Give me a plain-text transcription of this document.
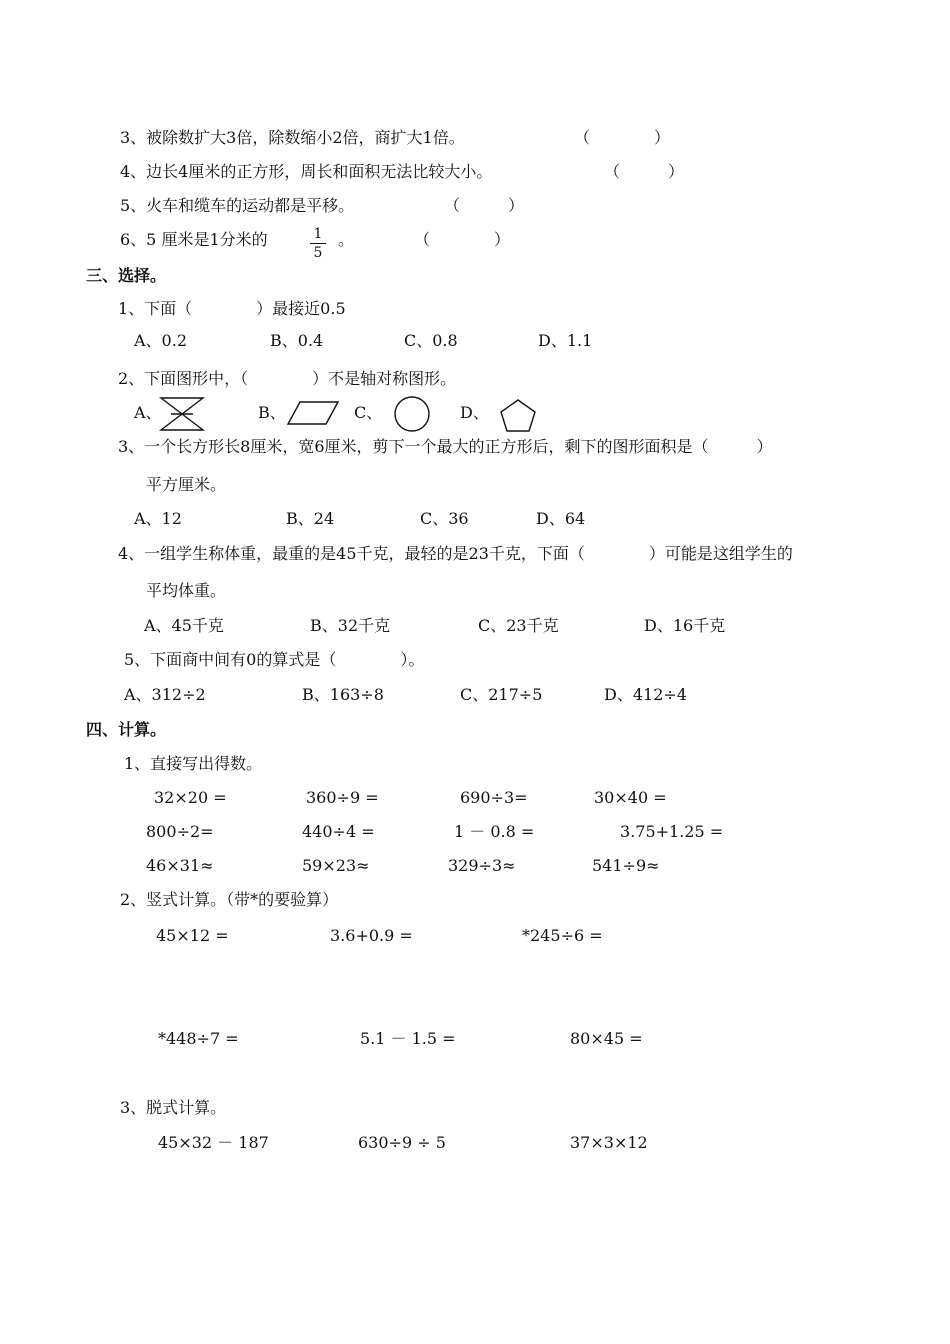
3、被除数扩大3倍，除数缩小2倍，商扩大1倍。	（　　　　）
4、边长4厘米的正方形，周长和面积无法比较大小。	（　　　）
5、火车和缆车的运动都是平移。	（　　　）
6、5 厘米是1分米的	$\frac{1}{5}$ 。	（　　　　）
三、选择。
1、下面（　　　　）最接近0.5
A、0.2	B、0.4	C、0.8	D、1.1
2、下面图形中，（　　　　）不是轴对称图形。
A、	B、	C、	D、
3、一个长方形长8厘米，宽6厘米，剪下一个最大的正方形后，剩下的图形面积是（　　　）
平方厘米。
A、12	B、24	C、36	D、64
4、一组学生称体重，最重的是45千克，最轻的是23千克，下面（　　　　）可能是这组学生的
平均体重。
A、45千克	B、32千克	C、23千克	D、16千克
5、下面商中间有0的算式是（　　　　）。
A、312÷2	B、163÷8	C、217÷5	D、412÷4
四、计算。
1、直接写出得数。
32×20 =	360÷9 =	690÷3=	30×40 =
800÷2=	440÷4 =	1 － 0.8 =	3.75+1.25 =
46×31≈	59×23≈	329÷3≈	541÷9≈
2、竖式计算。（带*的要验算）
45×12 =	3.6+0.9 =	*245÷6 =
*448÷7 =	5.1 － 1.5 =	80×45 =
3、脱式计算。
45×32 － 187	630÷9 ÷ 5	37×3×12
